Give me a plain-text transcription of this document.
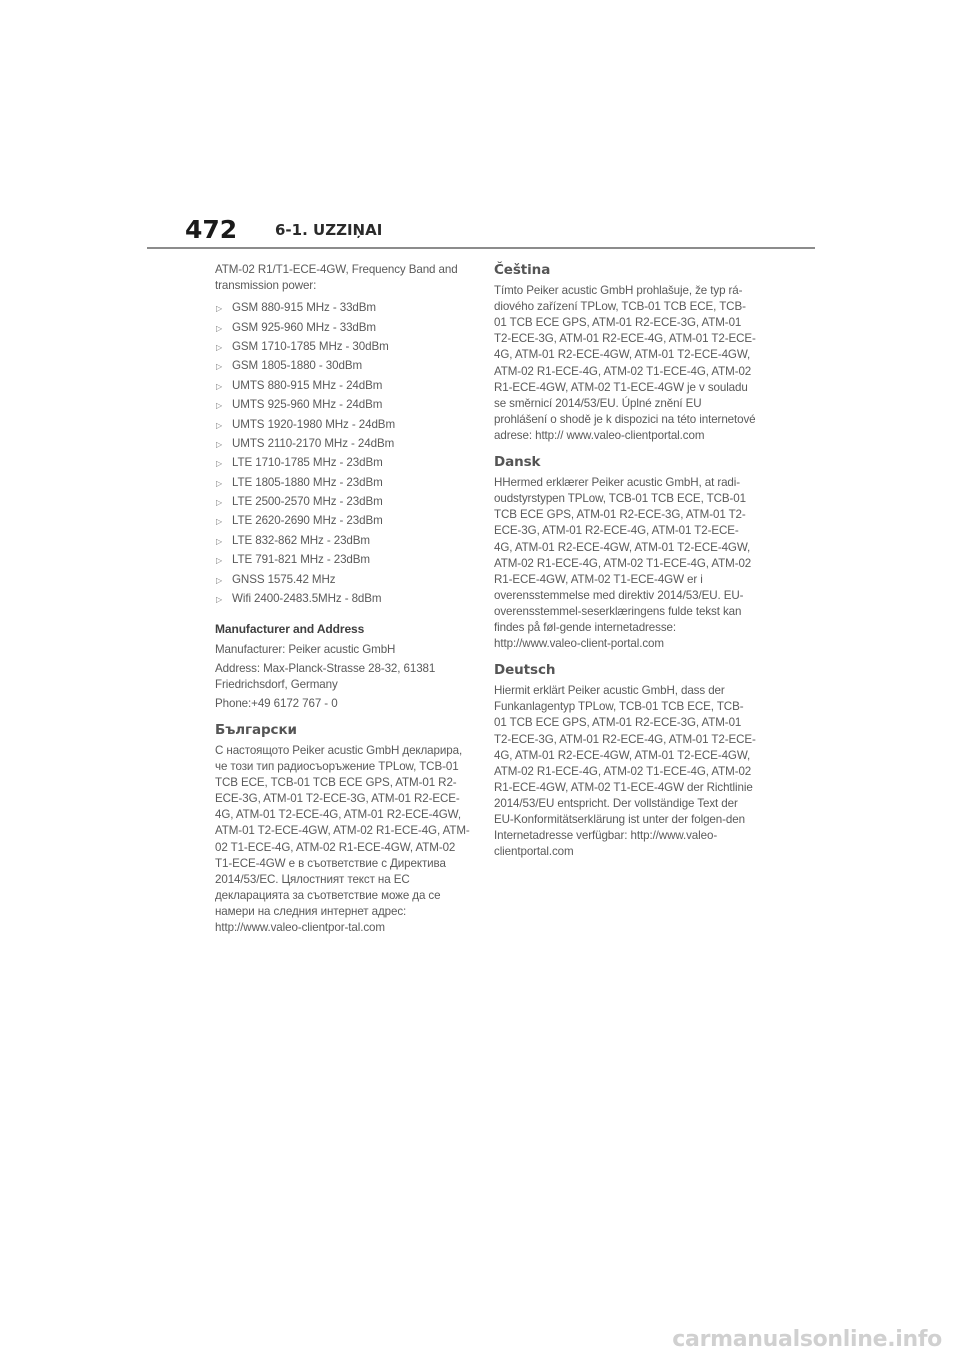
472	6-1. UZZIŅAI

ATM-02 R1/T1-ECE-4GW, Frequency Band and transmission power:

▷ GSM 880-915 MHz - 33dBm
▷ GSM 925-960 MHz - 33dBm
▷ GSM 1710-1785 MHz - 30dBm
▷ GSM 1805-1880 - 30dBm
▷ UMTS 880-915 MHz - 24dBm
▷ UMTS 925-960 MHz - 24dBm
▷ UMTS 1920-1980 MHz - 24dBm
▷ UMTS 2110-2170 MHz - 24dBm
▷ LTE 1710-1785 MHz - 23dBm
▷ LTE 1805-1880 MHz - 23dBm
▷ LTE 2500-2570 MHz - 23dBm
▷ LTE 2620-2690 MHz - 23dBm
▷ LTE 832-862 MHz - 23dBm
▷ LTE 791-821 MHz - 23dBm
▷ GNSS 1575.42 MHz
▷ Wifi 2400-2483.5MHz - 8dBm
Manufacturer and Address

Manufacturer: Peiker acustic GmbH

Address: Max-Planck-Strasse 28-32, 61381 Friedrichsdorf, Germany

Phone:+49 6172 767 - 0

Български

С настоящото Peiker acustic GmbH декларира, че този тип радиосъоръжение TPLow, TCB-01 TCB ECE, TCB-01 TCB ECE GPS, ATM-01 R2-ECE-3G, ATM-01 T2-ECE-3G, ATM-01 R2-ECE-4G, ATM-01 T2-ECE-4G, ATM-01 R2-ECE-4GW, ATM-01 T2-ECE-4GW, ATM-02 R1-ECE-4G, ATM-02 T1-ECE-4G, ATM-02 R1-ECE-4GW, ATM-02 T1-ECE-4GW е в съответствие с Директива 2014/53/ЕС. Цялостният текст на ЕС декларацията за съответствие може да се намери на следния интернет адрес: http://www.valeo-clientpor-tal.com

Čeština

Tímto Peiker acustic GmbH prohlašuje, že typ rá-diového zařízení TPLow, TCB-01 TCB ECE, TCB-01 TCB ECE GPS, ATM-01 R2-ECE-3G, ATM-01 T2-ECE-3G, ATM-01 R2-ECE-4G, ATM-01 T2-ECE-4G, ATM-01 R2-ECE-4GW, ATM-01 T2-ECE-4GW, ATM-02 R1-ECE-4G, ATM-02 T1-ECE-4G, ATM-02 R1-ECE-4GW, ATM-02 T1-ECE-4GW je v souladu se směrnicí 2014/53/EU. Úplné znění EU prohlášení o shodě je k dispozici na této internetové adrese: http:// www.valeo-clientportal.com

Dansk

HHermed erklærer Peiker acustic GmbH, at radi-oudstyrstypen TPLow, TCB-01 TCB ECE, TCB-01 TCB ECE GPS, ATM-01 R2-ECE-3G, ATM-01 T2-ECE-3G, ATM-01 R2-ECE-4G, ATM-01 T2-ECE-4G, ATM-01 R2-ECE-4GW, ATM-01 T2-ECE-4GW, ATM-02 R1-ECE-4G, ATM-02 T1-ECE-4G, ATM-02 R1-ECE-4GW, ATM-02 T1-ECE-4GW er i overensstemmelse med direktiv 2014/53/EU. EU-overensstemmel-seserklæringens fulde tekst kan findes på føl-gende internetadresse: http://www.valeo-client-portal.com

Deutsch

Hiermit erklärt Peiker acustic GmbH, dass der Funkanlagentyp TPLow, TCB-01 TCB ECE, TCB-01 TCB ECE GPS, ATM-01 R2-ECE-3G, ATM-01 T2-ECE-3G, ATM-01 R2-ECE-4G, ATM-01 T2-ECE-4G, ATM-01 R2-ECE-4GW, ATM-01 T2-ECE-4GW, ATM-02 R1-ECE-4G, ATM-02 T1-ECE-4G, ATM-02 R1-ECE-4GW, ATM-02 T1-ECE-4GW der Richtlinie 2014/53/EU entspricht. Der vollständige Text der EU-Konformitätserklärung ist unter der folgen-den Internetadresse verfügbar: http://www.valeo-clientportal.com

carmanualsonline.info
